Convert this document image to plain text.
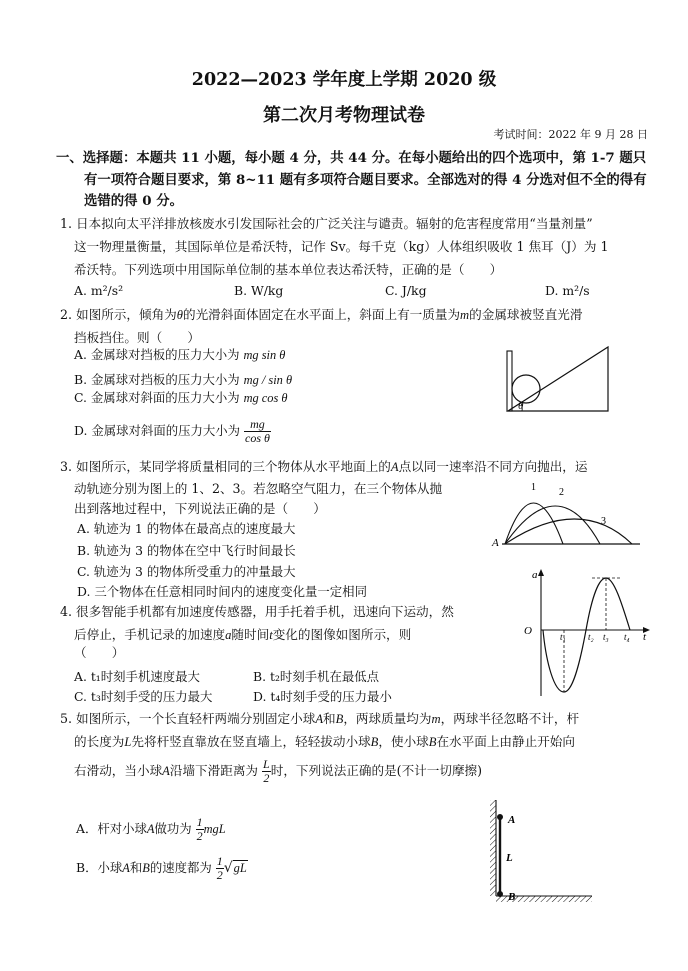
2022—2023 学年度上学期 2020 级
第二次月考物理试卷
考试时间：2022 年 9 月 28 日
一、选择题：本题共 11 小题，每小题 4 分，共 44 分。在每小题给出的四个选项中，第 1-7 题只
有一项符合题目要求，第 8~11 题有多项符合题目要求。全部选对的得 4 分选对但不全的得有
选错的得 0 分。
1. 日本拟向太平洋排放核废水引发国际社会的广泛关注与谴责。辐射的危害程度常用“当量剂量”
这一物理量衡量，其国际单位是希沃特，记作 Sv。每千克（kg）人体组织吸收 1 焦耳（J）为 1
希沃特。下列选项中用国际单位制的基本单位表达希沃特，正确的是（　　）
A. m²/s²	B. W/kg	C. J/kg	D. m²/s
2. 如图所示，倾角为θ的光滑斜面体固定在水平面上，斜面上有一质量为m的金属球被竖直光滑
挡板挡住。则（　　）
A. 金属球对挡板的压力大小为 mg sin θ
B. 金属球对挡板的压力大小为 mg / sin θ
C. 金属球对斜面的压力大小为 mg cos θ
D. 金属球对斜面的压力大小为 $\frac{mg}{\text{cos θ}}$
θ
3. 如图所示，某同学将质量相同的三个物体从水平地面上的A点以同一速率沿不同方向抛出，运
动轨迹分别为图上的 1、2、3。若忽略空气阻力，在三个物体从抛
出到落地过程中，下列说法正确的是（　　）
A. 轨迹为 1 的物体在最高点的速度最大
B. 轨迹为 3 的物体在空中飞行时间最长
C. 轨迹为 3 的物体所受重力的冲量最大
D. 三个物体在任意相同时间内的速度变化量一定相同
1 2
3
A
4. 很多智能手机都有加速度传感器，用手托着手机，迅速向下运动，然
后停止，手机记录的加速度a随时间t变化的图像如图所示，则
（　　）
A. t₁时刻手机速度最大	B. t₂时刻手机在最低点
C. t₃时刻手受的压力最大	D. t₄时刻手受的压力最小
a
O	t
t₁ t₂ t₃ t₄
5. 如图所示，一个长直轻杆两端分别固定小球A和B，两球质量均为m，两球半径忽略不计，杆
的长度为L先将杆竖直靠放在竖直墙上，轻轻拔动小球B，使小球B在水平面上由静止开始向
右滑动，当小球A沿墙下滑距离为 $\frac{L}{2}$ 时，下列说法正确的是(不计一切摩擦)
A．杆对小球A做功为 $\frac{1}{2}$ mgL
B．小球A和B的速度都为 $\frac{1}{2} √gL$
A
L
B
